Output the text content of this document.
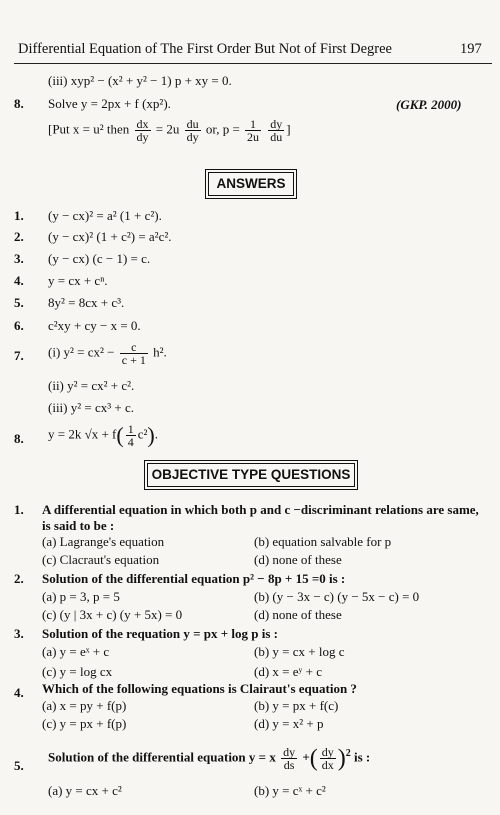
Differential Equation of The First Order But Not of First Degree	197
(iii) xyp² − (x² + y² − 1) p + xy = 0.
8. Solve y = 2px + f (xp²).	(GKP. 2000)
[Put x = u² then $\frac{dx}{dy} = 2u \frac{du}{dy}$ or, $p = \frac{1}{2u}$
$\frac{dy}{du}$ ]
ANSWERS
1. (y − cx)² = a² (1 + c²).
2. (y − cx)² (1 + c²) = a²c².
3. (y − cx) (c − 1) = c.
4. y = cx + cⁿ.
5. 8y² = 8cx + c³.
6. c²xy + cy − x = 0.
7. (i) $y^2 = cx^2 - \frac{c}{c + 1} h^2$.
(ii) y² = cx² + c².
(iii) y² = cx³ + c.
8. y = 2k $√x + f( \frac{1}{4} c^2)$.
OBJECTIVE TYPE QUESTIONS
1. A differential equation in which both p and c −discriminant relations are same,
is said to be :
(a) Lagrange's equation	(b) equation salvable for p
(c) Clacraut's equation	(d) none of these
2. Solution of the differential equation p² − 8p + 15 =0 is :
(a) p = 3, p = 5	(b) (y − 3x − c) (y − 5x − c) = 0
(c) (y | 3x + c) (y + 5x) = 0	(d) none of these
3. Solution of the requation y = px + log p is :
(a) y = eˣ + c	(b) y = cx + log c
(c) y = log cx	(d) x = eʸ + c
4. Which of the following equations is Clairaut's equation ?
(a) x = py + f(p)	(b) y = px + f(c)
(c) y = px + f(p)	(d) y = x² + p
5.
Solution of the differential equation y = x $\frac{dy}{ds}$ +( $\frac{dy}{dx} )^2$ is :
(a) y = cx + c²	(b) y = cˣ + c²
